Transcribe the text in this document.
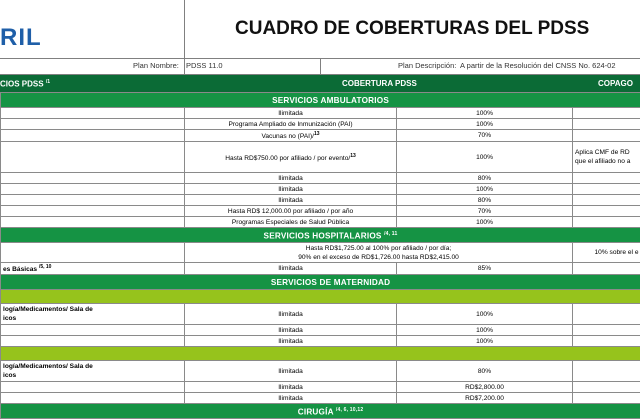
RIL	CUADRO DE COBERTURAS DEL PDSS
Plan Nombre: PDSS 11.0	Plan Descripción: A partir de la Resolución del CNSS No. 624-02
CIOS PDSS $^{/1}$	COBERTURA PDSS	COPAGO
SERVICIOS AMBULATORIOS			
	Ilimitada	100%	
	Programa Ampliado de Inmunización (PAI)	100%	
	Vacunas no (PAI)/$^{13}$	70%	
	Hasta RD$750.00 por afiliado / por evento/$^{13}$	100%	Aplica CMF de RD
que el afiliado no a

	Ilimitada	80%	
	Ilimitada	100%	
	Ilimitada	80%	
	Hasta RD$ 12,000.00 por afiliado / por año	70%	
	Programas Especiales de Salud Pública	100%	
SERVICIOS HOSPITALARIOS $^{/4, 11}$

	Hasta RD$1,725.00 al 100% por afiliado / por día;
90% en el exceso de RD$1,726.00 hasta RD$2,415.00		10% sobre el e
es Básicas $^{/5, 10}$	Ilimitada	85%	
SERVICIOS DE MATERNIDAD			

logía/Medicamentos/ Sala de
icos	Ilimitada	100%	
	Ilimitada	100%	
	Ilimitada	100%	

logía/Medicamentos/ Sala de
icos	Ilimitada	80%	
	Ilimitada	RD$2,800.00	
	Ilimitada	RD$7,200.00	
CIRUGÍA $^{/4, 6, 10,12}$
